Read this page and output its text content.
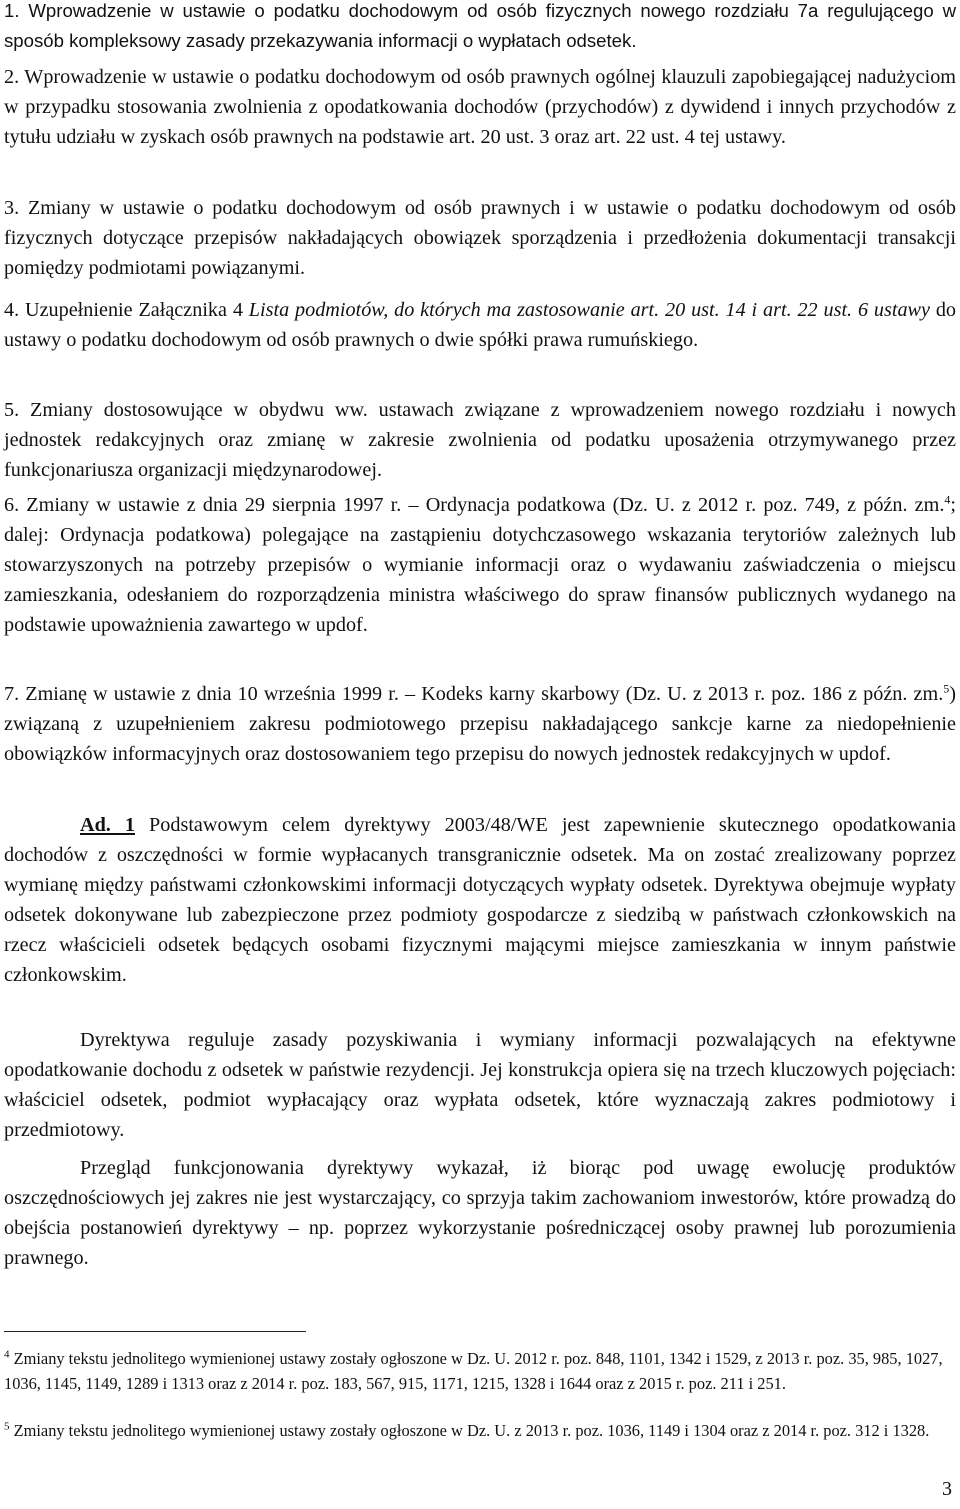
1. Wprowadzenie w ustawie o podatku dochodowym od osób fizycznych nowego rozdziału 7a regulującego w sposób kompleksowy zasady przekazywania informacji o wypłatach odsetek.

2. Wprowadzenie w ustawie o podatku dochodowym od osób prawnych ogólnej klauzuli zapobiegającej nadużyciom w przypadku stosowania zwolnienia z opodatkowania dochodów (przychodów) z dywidend i innych przychodów z tytułu udziału w zyskach osób prawnych na podstawie art. 20 ust. 3 oraz art. 22 ust. 4 tej ustawy.

3. Zmiany w ustawie o podatku dochodowym od osób prawnych i w ustawie o podatku dochodowym od osób fizycznych dotyczące przepisów nakładających obowiązek sporządzenia i przedłożenia dokumentacji transakcji pomiędzy podmiotami powiązanymi.

4. Uzupełnienie Załącznika 4 Lista podmiotów, do których ma zastosowanie art. 20 ust. 14 i art. 22 ust. 6 ustawy do ustawy o podatku dochodowym od osób prawnych o dwie spółki prawa rumuńskiego.

5. Zmiany dostosowujące w obydwu ww. ustawach związane z wprowadzeniem nowego rozdziału i nowych jednostek redakcyjnych oraz zmianę w zakresie zwolnienia od podatku uposażenia otrzymywanego przez funkcjonariusza organizacji międzynarodowej.

6. Zmiany w ustawie z dnia 29 sierpnia 1997 r. – Ordynacja podatkowa (Dz. U. z 2012 r. poz. 749, z późn. zm.$^4$; dalej: Ordynacja podatkowa) polegające na zastąpieniu dotychczasowego wskazania terytoriów zależnych lub stowarzyszonych na potrzeby przepisów o wymianie informacji oraz o wydawaniu zaświadczenia o miejscu zamieszkania, odesłaniem do rozporządzenia ministra właściwego do spraw finansów publicznych wydanego na podstawie upoważnienia zawartego w updof.

7. Zmianę w ustawie z dnia 10 września 1999 r. – Kodeks karny skarbowy (Dz. U. z 2013 r. poz. 186 z późn. zm.$^5$) związaną z uzupełnieniem zakresu podmiotowego przepisu nakładającego sankcje karne za niedopełnienie obowiązków informacyjnych oraz dostosowaniem tego przepisu do nowych jednostek redakcyjnych w updof.

Ad. 1 Podstawowym celem dyrektywy 2003/48/WE jest zapewnienie skutecznego opodatkowania dochodów z oszczędności w formie wypłacanych transgranicznie odsetek. Ma on zostać zrealizowany poprzez wymianę między państwami członkowskimi informacji dotyczących wypłaty odsetek. Dyrektywa obejmuje wypłaty odsetek dokonywane lub zabezpieczone przez podmioty gospodarcze z siedzibą w państwach członkowskich na rzecz właścicieli odsetek będących osobami fizycznymi mającymi miejsce zamieszkania w innym państwie członkowskim.

Dyrektywa reguluje zasady pozyskiwania i wymiany informacji pozwalających na efektywne opodatkowanie dochodu z odsetek w państwie rezydencji. Jej konstrukcja opiera się na trzech kluczowych pojęciach: właściciel odsetek, podmiot wypłacający oraz wypłata odsetek, które wyznaczają zakres podmiotowy i przedmiotowy.

Przegląd funkcjonowania dyrektywy wykazał, iż biorąc pod uwagę ewolucję produktów oszczędnościowych jej zakres nie jest wystarczający, co sprzyja takim zachowaniom inwestorów, które prowadzą do obejścia postanowień dyrektywy – np. poprzez wykorzystanie pośredniczącej osoby prawnej lub porozumienia prawnego.

$^4$ Zmiany tekstu jednolitego wymienionej ustawy zostały ogłoszone w Dz. U. 2012 r. poz. 848, 1101, 1342 i 1529, z 2013 r. poz. 35, 985, 1027, 1036, 1145, 1149, 1289 i 1313 oraz z 2014 r. poz. 183, 567, 915, 1171, 1215, 1328 i 1644 oraz z 2015 r. poz. 211 i 251.

$^5$ Zmiany tekstu jednolitego wymienionej ustawy zostały ogłoszone w Dz. U. z 2013 r. poz. 1036, 1149 i 1304 oraz z 2014 r. poz. 312 i 1328.

3
